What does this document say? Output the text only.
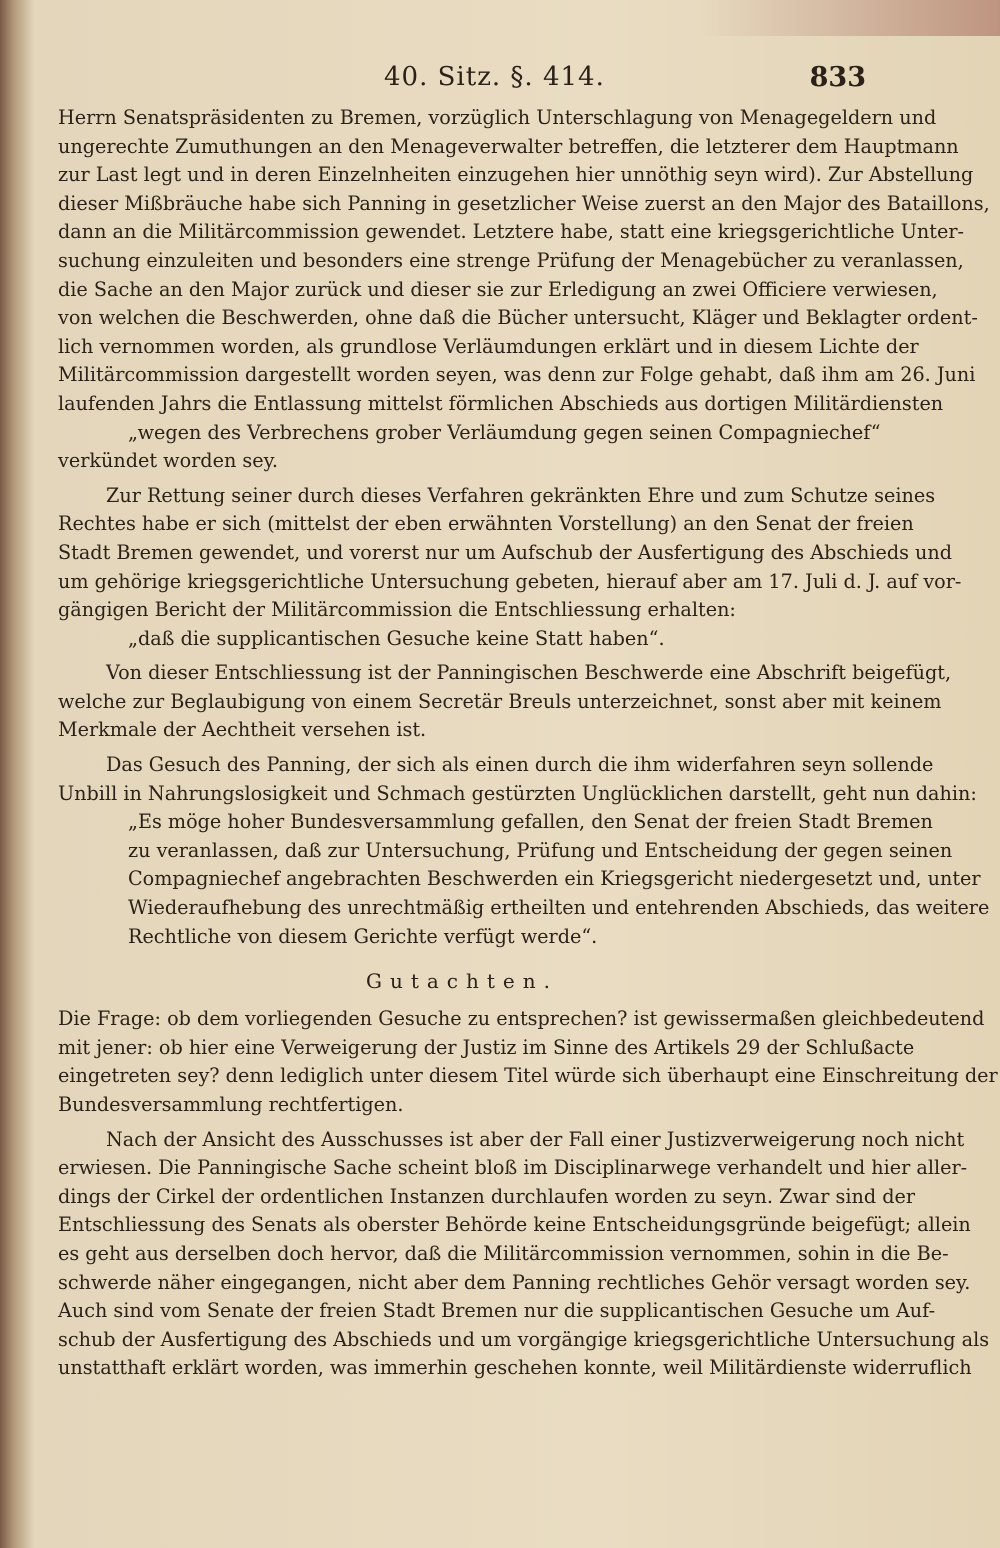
40. Sitz. §. 414.	833
Herrn Senatspräsidenten zu Bremen, vorzüglich Unterschlagung von Menagegeldern und
ungerechte Zumuthungen an den Menageverwalter betreffen, die letzterer dem Hauptmann
zur Last legt und in deren Einzelnheiten einzugehen hier unnöthig seyn wird). Zur Abstellung
dieser Mißbräuche habe sich Panning in gesetzlicher Weise zuerst an den Major des Bataillons,
dann an die Militärcommission gewendet. Letztere habe, statt eine kriegsgerichtliche Unter-
suchung einzuleiten und besonders eine strenge Prüfung der Menagebücher zu veranlassen,
die Sache an den Major zurück und dieser sie zur Erledigung an zwei Officiere verwiesen,
von welchen die Beschwerden, ohne daß die Bücher untersucht, Kläger und Beklagter ordent-
lich vernommen worden, als grundlose Verläumdungen erklärt und in diesem Lichte der
Militärcommission dargestellt worden seyen, was denn zur Folge gehabt, daß ihm am 26. Juni
laufenden Jahrs die Entlassung mittelst förmlichen Abschieds aus dortigen Militärdiensten
„wegen des Verbrechens grober Verläumdung gegen seinen Compagniechef“
verkündet worden sey.
Zur Rettung seiner durch dieses Verfahren gekränkten Ehre und zum Schutze seines
Rechtes habe er sich (mittelst der eben erwähnten Vorstellung) an den Senat der freien
Stadt Bremen gewendet, und vorerst nur um Aufschub der Ausfertigung des Abschieds und
um gehörige kriegsgerichtliche Untersuchung gebeten, hierauf aber am 17. Juli d. J. auf vor-
gängigen Bericht der Militärcommission die Entschliessung erhalten:
„daß die supplicantischen Gesuche keine Statt haben“.
Von dieser Entschliessung ist der Panningischen Beschwerde eine Abschrift beigefügt,
welche zur Beglaubigung von einem Secretär Breuls unterzeichnet, sonst aber mit keinem
Merkmale der Aechtheit versehen ist.
Das Gesuch des Panning, der sich als einen durch die ihm widerfahren seyn sollende
Unbill in Nahrungslosigkeit und Schmach gestürzten Unglücklichen darstellt, geht nun dahin:
„Es möge hoher Bundesversammlung gefallen, den Senat der freien Stadt Bremen
zu veranlassen, daß zur Untersuchung, Prüfung und Entscheidung der gegen seinen
Compagniechef angebrachten Beschwerden ein Kriegsgericht niedergesetzt und, unter
Wiederaufhebung des unrechtmäßig ertheilten und entehrenden Abschieds, das weitere
Rechtliche von diesem Gerichte verfügt werde“.
Gutachten.
Die Frage: ob dem vorliegenden Gesuche zu entsprechen? ist gewissermaßen gleichbedeutend
mit jener: ob hier eine Verweigerung der Justiz im Sinne des Artikels 29 der Schlußacte
eingetreten sey? denn lediglich unter diesem Titel würde sich überhaupt eine Einschreitung der
Bundesversammlung rechtfertigen.
Nach der Ansicht des Ausschusses ist aber der Fall einer Justizverweigerung noch nicht
erwiesen. Die Panningische Sache scheint bloß im Disciplinarwege verhandelt und hier aller-
dings der Cirkel der ordentlichen Instanzen durchlaufen worden zu seyn. Zwar sind der
Entschliessung des Senats als oberster Behörde keine Entscheidungsgründe beigefügt; allein
es geht aus derselben doch hervor, daß die Militärcommission vernommen, sohin in die Be-
schwerde näher eingegangen, nicht aber dem Panning rechtliches Gehör versagt worden sey.
Auch sind vom Senate der freien Stadt Bremen nur die supplicantischen Gesuche um Auf-
schub der Ausfertigung des Abschieds und um vorgängige kriegsgerichtliche Untersuchung als
unstatthaft erklärt worden, was immerhin geschehen konnte, weil Militärdienste widerruflich
